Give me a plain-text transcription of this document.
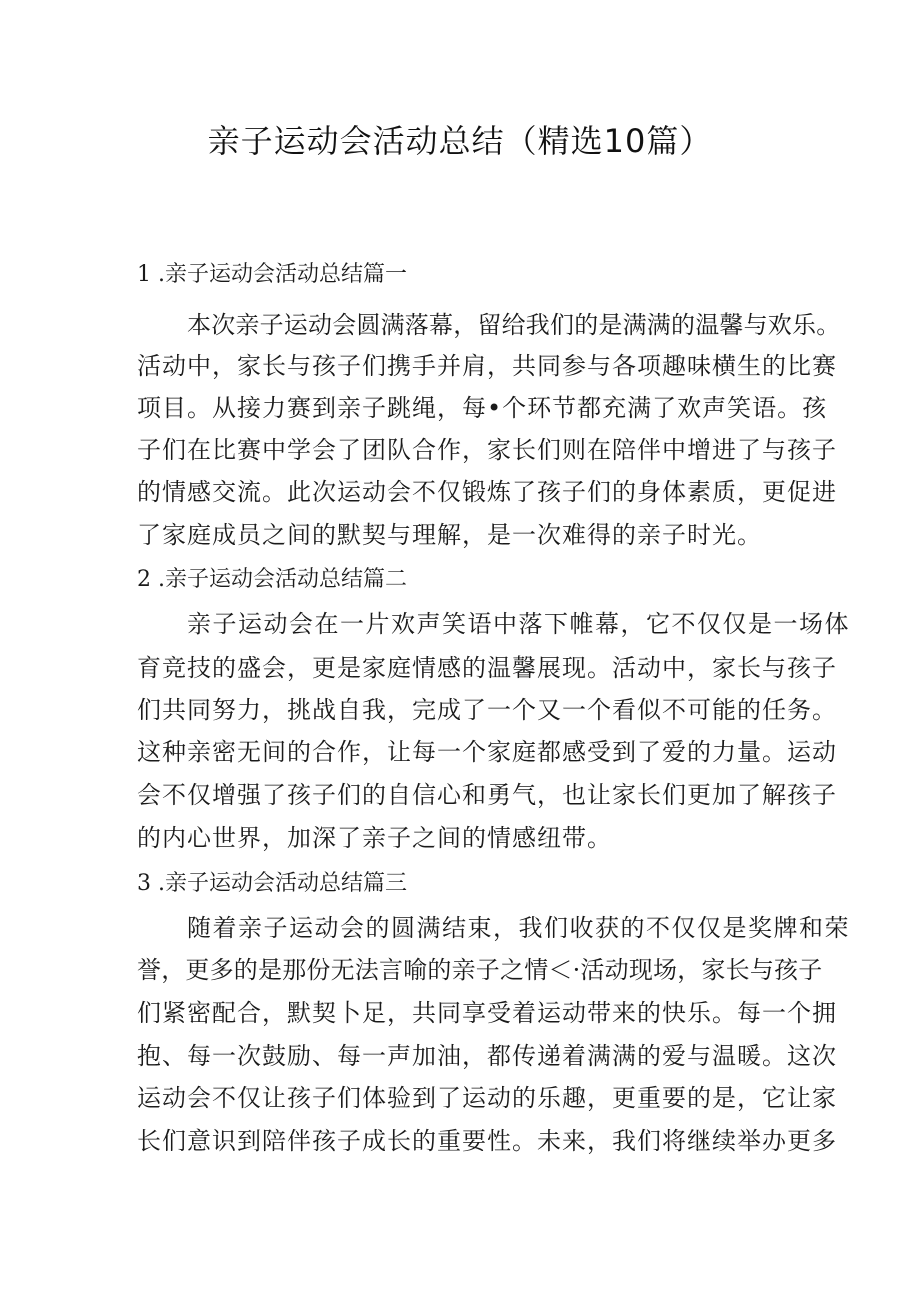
亲子运动会活动总结（精选10篇）
1 .亲子运动会活动总结篇一
本次亲子运动会圆满落幕，留给我们的是满满的温馨与欢乐。
活动中，家长与孩子们携手并肩，共同参与各项趣味横生的比赛
项目。从接力赛到亲子跳绳，每•个环节都充满了欢声笑语。孩
子们在比赛中学会了团队合作，家长们则在陪伴中增进了与孩子
的情感交流。此次运动会不仅锻炼了孩子们的身体素质，更促进
了家庭成员之间的默契与理解，是一次难得的亲子时光。
2 .亲子运动会活动总结篇二
亲子运动会在一片欢声笑语中落下帷幕，它不仅仅是一场体
育竞技的盛会，更是家庭情感的温馨展现。活动中，家长与孩子
们共同努力，挑战自我，完成了一个又一个看似不可能的任务。
这种亲密无间的合作，让每一个家庭都感受到了爱的力量。运动
会不仅增强了孩子们的自信心和勇气，也让家长们更加了解孩子
的内心世界，加深了亲子之间的情感纽带。
3 .亲子运动会活动总结篇三
随着亲子运动会的圆满结束，我们收获的不仅仅是奖牌和荣
誉，更多的是那份无法言喻的亲子之情＜·活动现场，家长与孩子
们紧密配合，默契卜足，共同享受着运动带来的快乐。每一个拥
抱、每一次鼓励、每一声加油，都传递着满满的爱与温暖。这次
运动会不仅让孩子们体验到了运动的乐趣，更重要的是，它让家
长们意识到陪伴孩子成长的重要性。未来，我们将继续举办更多
